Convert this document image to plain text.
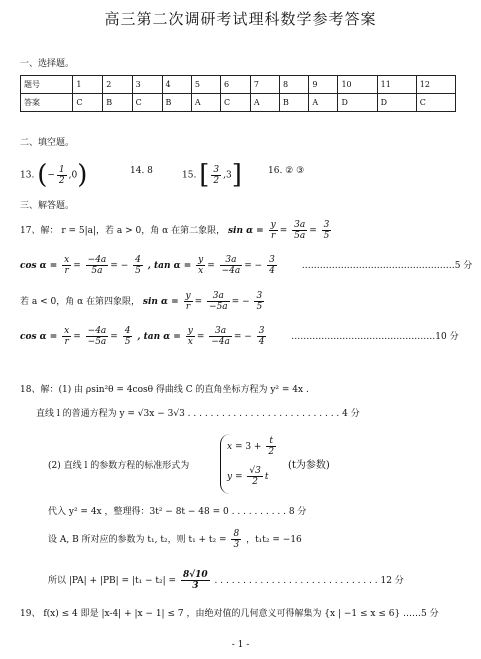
高三第二次调研考试理科数学参考答案
一、选择题。
题号	1	2	3	4	5	6	7	8	9	10	11	12
答案	C	B	C	B	A	C	A	B	A	D	D	C
二、填空题。
13. (− $\frac{1}{2} ,0$)	14. 8	15. [ $\frac{3}{2} ,3$]	16. ② ③
三、解答题。
17、解： r = 5|a|，若 a > 0，角 α 在第二象限， $\sin \alpha = \frac{y}{r} = \frac{3a}{5a} = \frac{3}{5}$
$\cos \alpha = \frac{x}{r} = \frac{-4a}{5a}$ = − $\frac{4}{5}$ , $\tan \alpha = \frac{y}{x} = \frac{3a}{-4a}$ = − $\frac{3}{4}$	……………………………………………5 分
若 a < 0，角 α 在第四象限， $\sin \alpha = \frac{y}{r} = \frac{3a}{-5a}$ = − $\frac{3}{5}$
$\cos \alpha = \frac{x}{r} = \frac{-4a}{-5a} = \frac{4}{5}$ , $\tan \alpha = \frac{y}{x} = \frac{3a}{-4a}$ = − $\frac{3}{4}$	…………………………………………10 分
18、解：(1) 由 ρsin²θ = 4cosθ 得曲线 C 的直角坐标方程为 y² = 4x .
直线 l 的普通方程为 y = √3x − 3√3 . . . . . . . . . . . . . . . . . . . . . . . . . . . 4 分
(2) 直线 l 的参数方程的标准形式为
$x = 3 + \frac{t}{2}$
$y = \frac{√3}{2}$ t
(t为参数)
代入 y² = 4x ，整理得：3t² − 8t − 48 = 0 . . . . . . . . . . 8 分
设 A, B 所对应的参数为 t₁, t₂，则 $t_1 + t_2 = \frac{8}{3}$ ，t₁t₂ = −16
所以 $|PA| + |PB| = |t_1 - t_2| = \frac{8√10}{3}$ . . . . . . . . . . . . . . . . . . . . . . . . . . . . . 12 分
19、 f(x) ≤ 4 即是 |x-4| + |x − 1| ≤ 7 ，由绝对值的几何意义可得解集为 {x | −1 ≤ x ≤ 6} ……5 分
- 1 -
